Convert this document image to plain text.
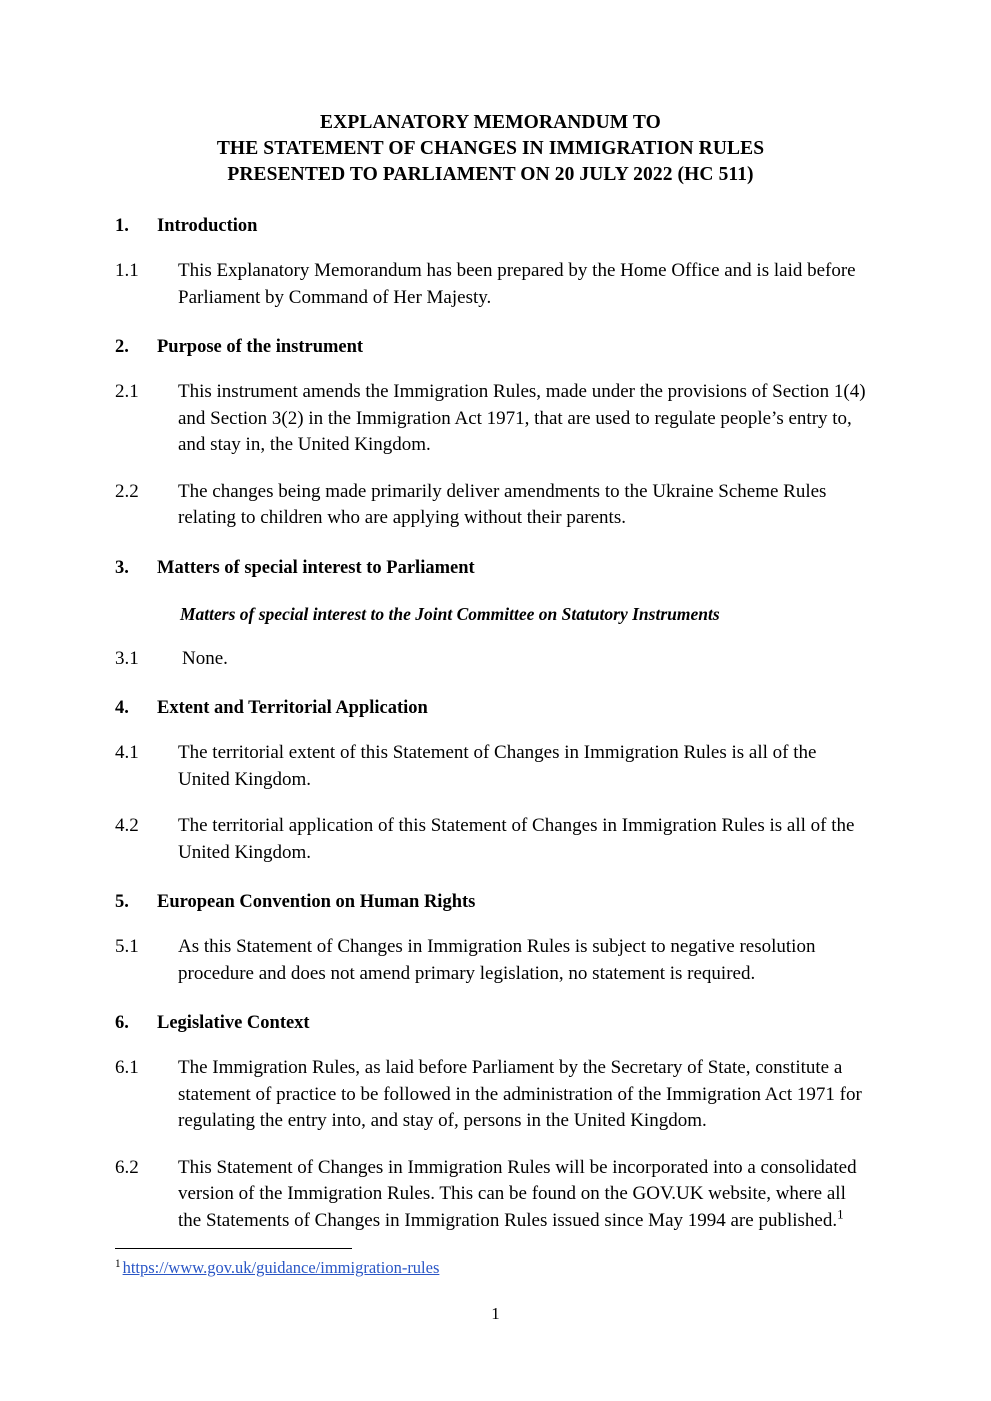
EXPLANATORY MEMORANDUM TO
THE STATEMENT OF CHANGES IN IMMIGRATION RULES
PRESENTED TO PARLIAMENT ON 20 JULY 2022 (HC 511)
1.	Introduction
1.1	This Explanatory Memorandum has been prepared by the Home Office and is laid before Parliament by Command of Her Majesty.
2.	Purpose of the instrument
2.1	This instrument amends the Immigration Rules, made under the provisions of Section 1(4) and Section 3(2) in the Immigration Act 1971, that are used to regulate people’s entry to, and stay in, the United Kingdom.
2.2	The changes being made primarily deliver amendments to the Ukraine Scheme Rules relating to children who are applying without their parents.
3.	Matters of special interest to Parliament
Matters of special interest to the Joint Committee on Statutory Instruments
3.1	None.
4.	Extent and Territorial Application
4.1	The territorial extent of this Statement of Changes in Immigration Rules is all of the United Kingdom.
4.2	The territorial application of this Statement of Changes in Immigration Rules is all of the United Kingdom.
5.	European Convention on Human Rights
5.1	As this Statement of Changes in Immigration Rules is subject to negative resolution procedure and does not amend primary legislation, no statement is required.
6.	Legislative Context
6.1	The Immigration Rules, as laid before Parliament by the Secretary of State, constitute a statement of practice to be followed in the administration of the Immigration Act 1971 for regulating the entry into, and stay of, persons in the United Kingdom.
6.2	This Statement of Changes in Immigration Rules will be incorporated into a consolidated version of the Immigration Rules. This can be found on the GOV.UK website, where all the Statements of Changes in Immigration Rules issued since May 1994 are published.$^1$
$^1$ https://www.gov.uk/guidance/immigration-rules
1
